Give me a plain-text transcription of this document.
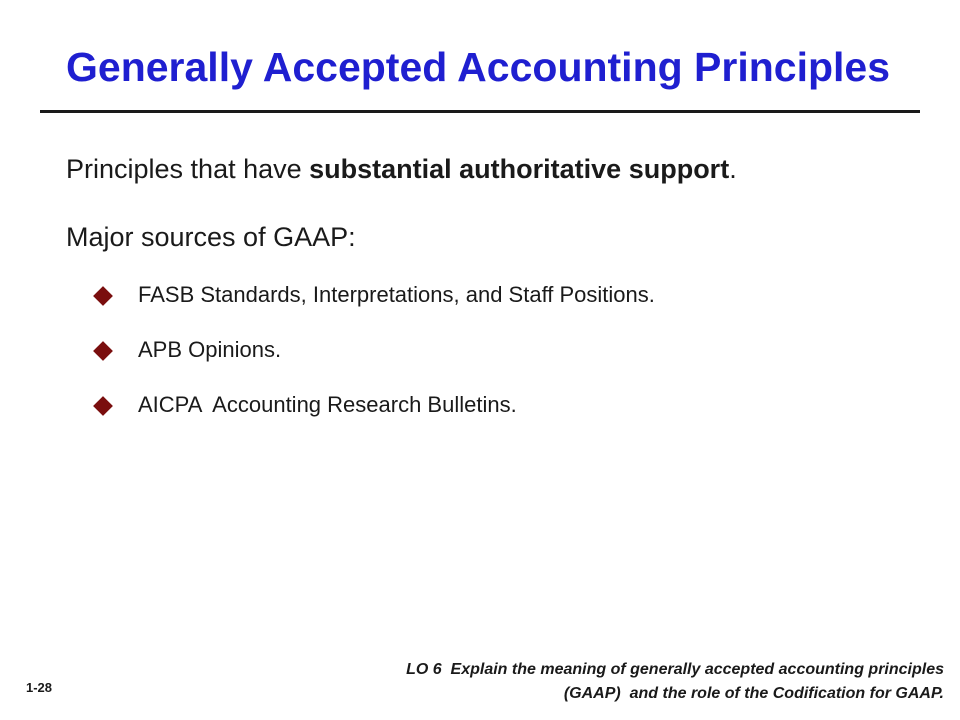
Generally Accepted Accounting Principles
Principles that have substantial authoritative support.
Major sources of GAAP:
FASB Standards, Interpretations, and Staff Positions.
APB Opinions.
AICPA  Accounting Research Bulletins.
1-28
LO 6  Explain the meaning of generally accepted accounting principles
(GAAP)  and the role of the Codification for GAAP.
